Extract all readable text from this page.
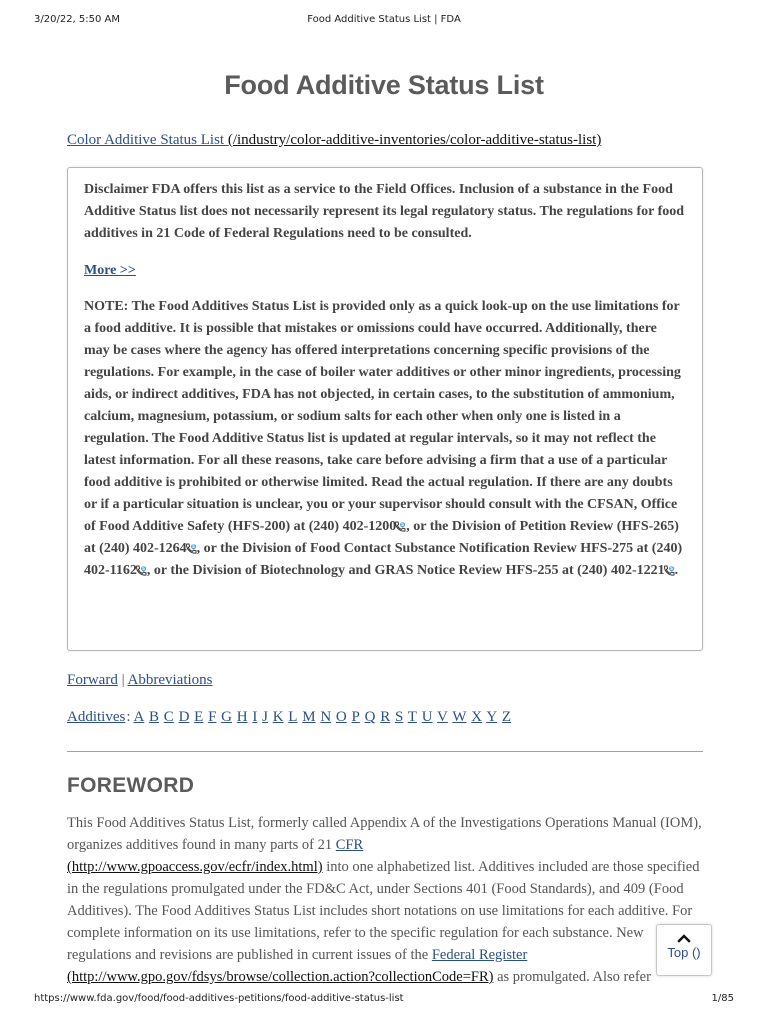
3/20/22, 5:50 AM	Food Additive Status List | FDA
Food Additive Status List
Color Additive Status List (/industry/color-additive-inventories/color-additive-status-list)

Disclaimer FDA offers this list as a service to the Field Offices. Inclusion of a substance in the Food Additive Status list does not necessarily represent its legal regulatory status. The regulations for food additives in 21 Code of Federal Regulations need to be consulted.

More >>

NOTE: The Food Additives Status List is provided only as a quick look-up on the use limitations for a food additive. It is possible that mistakes or omissions could have occurred. Additionally, there may be cases where the agency has offered interpretations concerning specific provisions of the regulations. For example, in the case of boiler water additives or other minor ingredients, processing aids, or indirect additives, FDA has not objected, in certain cases, to the substitution of ammonium, calcium, magnesium, potassium, or sodium salts for each other when only one is listed in a regulation. The Food Additive Status list is updated at regular intervals, so it may not reflect the latest information. For all these reasons, take care before advising a firm that a use of a particular food additive is prohibited or otherwise limited. Read the actual regulation. If there are any doubts or if a particular situation is unclear, you or your supervisor should consult with the CFSAN, Office of Food Additive Safety (HFS-200) at (240) 402-1200 S , or the Division of Petition Review (HFS-265) at (240) 402-1264 S , or the Division of Food Contact Substance Notification Review HFS-275 at (240) 402-1162 S , or the Division of Biotechnology and GRAS Notice Review HFS-255 at (240) 402-1221 S .

Forward | Abbreviations
Additives: A B C D E F G H I J K L M N O P Q R S T U V W X Y Z
FOREWORD

This Food Additives Status List, formerly called Appendix A of the Investigations Operations Manual (IOM), organizes additives found in many parts of 21 CFR
(http://www.gpoaccess.gov/ecfr/index.html) into one alphabetized list. Additives included are those specified in the regulations promulgated under the FD&C Act, under Sections 401 (Food Standards), and 409 (Food Additives). The Food Additives Status List includes short notations on use limitations for each additive. For complete information on its use limitations, refer to the specific regulation for each substance. New regulations and revisions are published in current issues of the Federal Register
(http://www.gpo.gov/fdsys/browse/collection.action?collectionCode=FR) as promulgated. Also refer

Top ()
https://www.fda.gov/food/food-additives-petitions/food-additive-status-list	1/85
